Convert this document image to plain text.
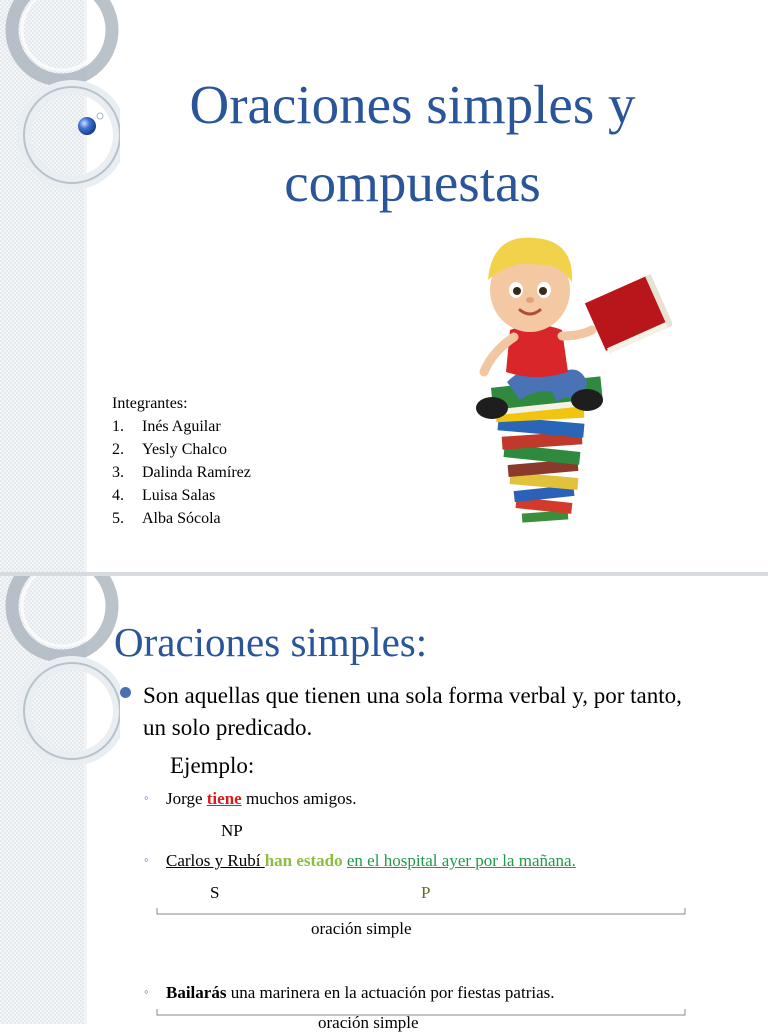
Oraciones simples y compuestas
Integrantes:
1. Inés Aguilar
2. Yesly Chalco
3. Dalinda Ramírez
4. Luisa Salas
5. Alba Sócola
Oraciones simples:
Son aquellas que tienen una sola forma verbal y, por tanto, un solo predicado.
Ejemplo:
◦ Jorge tiene muchos amigos.
NP
◦ Carlos y Rubí han estado en el hospital ayer por la mañana.
S	P
oración simple
◦ Bailarás una marinera en la actuación por fiestas patrias.
oración simple
